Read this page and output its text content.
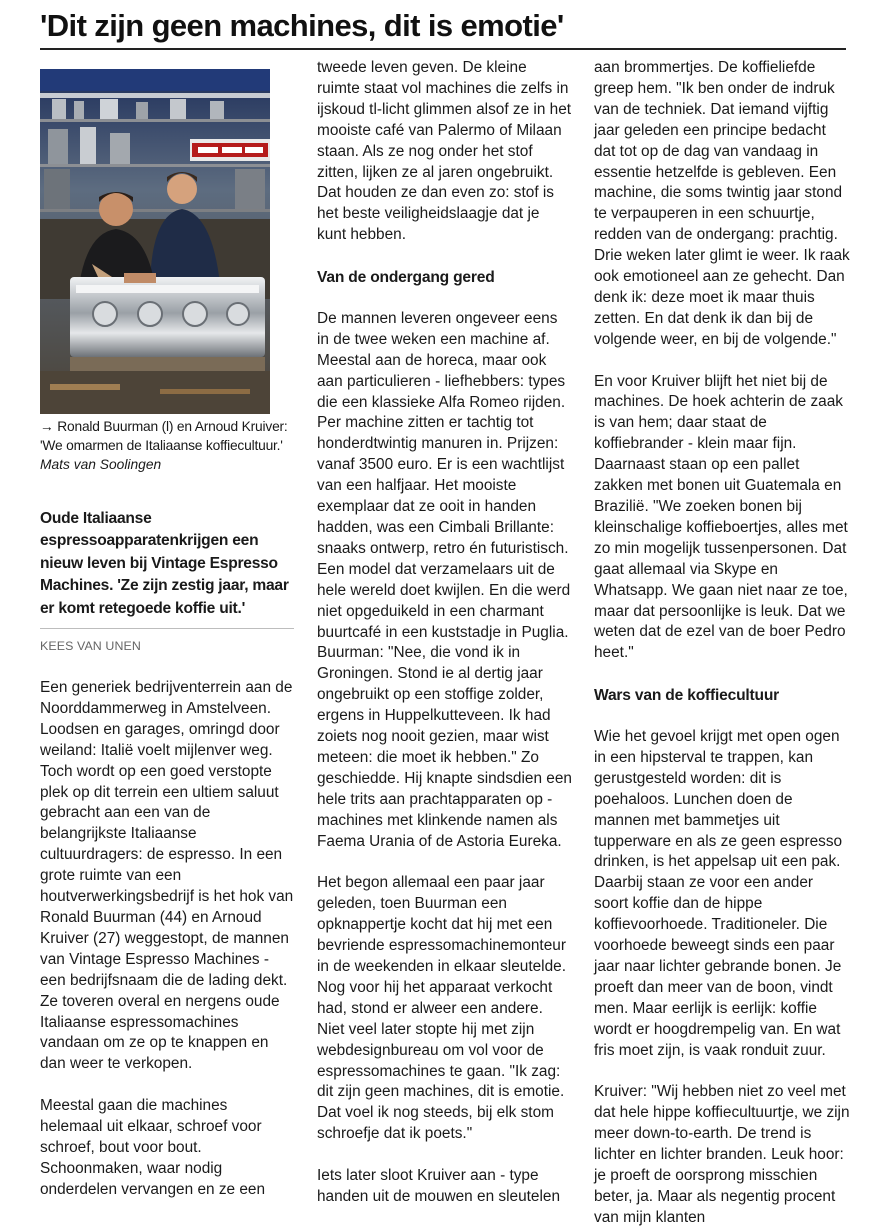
'Dit zijn geen machines, dit is emotie'
→ Ronald Buurman (l) en Arnoud Kruiver: 'We omarmen de Italiaanse koffiecultuur.'
Mats van Soolingen
Oude Italiaanse espressoapparatenkrijgen een nieuw leven bij Vintage Espresso Machines. 'Ze zijn zestig jaar, maar er komt retegoede koffie uit.'
KEES VAN UNEN

Een generiek bedrijventerrein aan de Noorddammerweg in Amstelveen. Loodsen en garages, omringd door weiland: Italië voelt mijlenver weg. Toch wordt op een goed verstopte plek op dit terrein een ultiem saluut gebracht aan een van de belangrijkste Italiaanse cultuurdragers: de espresso. In een grote ruimte van een houtverwerkingsbedrijf is het hok van Ronald Buurman (44) en Arnoud Kruiver (27) weggestopt, de mannen van Vintage Espresso Machines - een bedrijfsnaam die de lading dekt. Ze toveren overal en nergens oude Italiaanse espressomachines vandaan om ze op te knappen en dan weer te verkopen.

Meestal gaan die machines helemaal uit elkaar, schroef voor schroef, bout voor bout. Schoonmaken, waar nodig onderdelen vervangen en ze een

tweede leven geven. De kleine ruimte staat vol machines die zelfs in ijskoud tl-licht glimmen alsof ze in het mooiste café van Palermo of Milaan staan. Als ze nog onder het stof zitten, lijken ze al jaren ongebruikt. Dat houden ze dan even zo: stof is het beste veiligheidslaagje dat je kunt hebben.

Van de ondergang gered

De mannen leveren ongeveer eens in de twee weken een machine af. Meestal aan de horeca, maar ook aan particulieren - liefhebbers: types die een klassieke Alfa Romeo rijden. Per machine zitten er tachtig tot honderdtwintig manuren in. Prijzen: vanaf 3500 euro. Er is een wachtlijst van een halfjaar. Het mooiste exemplaar dat ze ooit in handen hadden, was een Cimbali Brillante: snaaks ontwerp, retro én futuristisch. Een model dat verzamelaars uit de hele wereld doet kwijlen. En die werd niet opgeduikeld in een charmant buurtcafé in een kuststadje in Puglia. Buurman: "Nee, die vond ik in Groningen. Stond ie al dertig jaar ongebruikt op een stoffige zolder, ergens in Huppelkutteveen. Ik had zoiets nog nooit gezien, maar wist meteen: die moet ik hebben." Zo geschiedde. Hij knapte sindsdien een hele trits aan prachtapparaten op - machines met klinkende namen als Faema Urania of de Astoria Eureka.

Het begon allemaal een paar jaar geleden, toen Buurman een opknappertje kocht dat hij met een bevriende espressomachinemonteur in de weekenden in elkaar sleutelde. Nog voor hij het apparaat verkocht had, stond er alweer een andere. Niet veel later stopte hij met zijn webdesignbureau om vol voor de espressomachines te gaan. "Ik zag: dit zijn geen machines, dit is emotie. Dat voel ik nog steeds, bij elk stom schroefje dat ik poets."

Iets later sloot Kruiver aan - type handen uit de mouwen en sleutelen

aan brommertjes. De koffieliefde greep hem. "Ik ben onder de indruk van de techniek. Dat iemand vijftig jaar geleden een principe bedacht dat tot op de dag van vandaag in essentie hetzelfde is gebleven. Een machine, die soms twintig jaar stond te verpauperen in een schuurtje, redden van de ondergang: prachtig. Drie weken later glimt ie weer. Ik raak ook emotioneel aan ze gehecht. Dan denk ik: deze moet ik maar thuis zetten. En dat denk ik dan bij de volgende weer, en bij de volgende."

En voor Kruiver blijft het niet bij de machines. De hoek achterin de zaak is van hem; daar staat de koffiebrander - klein maar fijn. Daarnaast staan op een pallet zakken met bonen uit Guatemala en Brazilië. "We zoeken bonen bij kleinschalige koffieboertjes, alles met zo min mogelijk tussenpersonen. Dat gaat allemaal via Skype en Whatsapp. We gaan niet naar ze toe, maar dat persoonlijke is leuk. Dat we weten dat de ezel van de boer Pedro heet."

Wars van de koffiecultuur

Wie het gevoel krijgt met open ogen in een hipsterval te trappen, kan gerustgesteld worden: dit is poehaloos. Lunchen doen de mannen met bammetjes uit tupperware en als ze geen espresso drinken, is het appelsap uit een pak. Daarbij staan ze voor een ander soort koffie dan de hippe koffievoorhoede. Traditioneler. Die voorhoede beweegt sinds een paar jaar naar lichter gebrande bonen. Je proeft dan meer van de boon, vindt men. Maar eerlijk is eerlijk: koffie wordt er hoogdrempelig van. En wat fris moet zijn, is vaak ronduit zuur.

Kruiver: "Wij hebben niet zo veel met dat hele hippe koffiecultuurtje, we zijn meer down-to-earth. De trend is lichter en lichter branden. Leuk hoor: je proeft de oorsprong misschien beter, ja. Maar als negentig procent van mijn klanten
